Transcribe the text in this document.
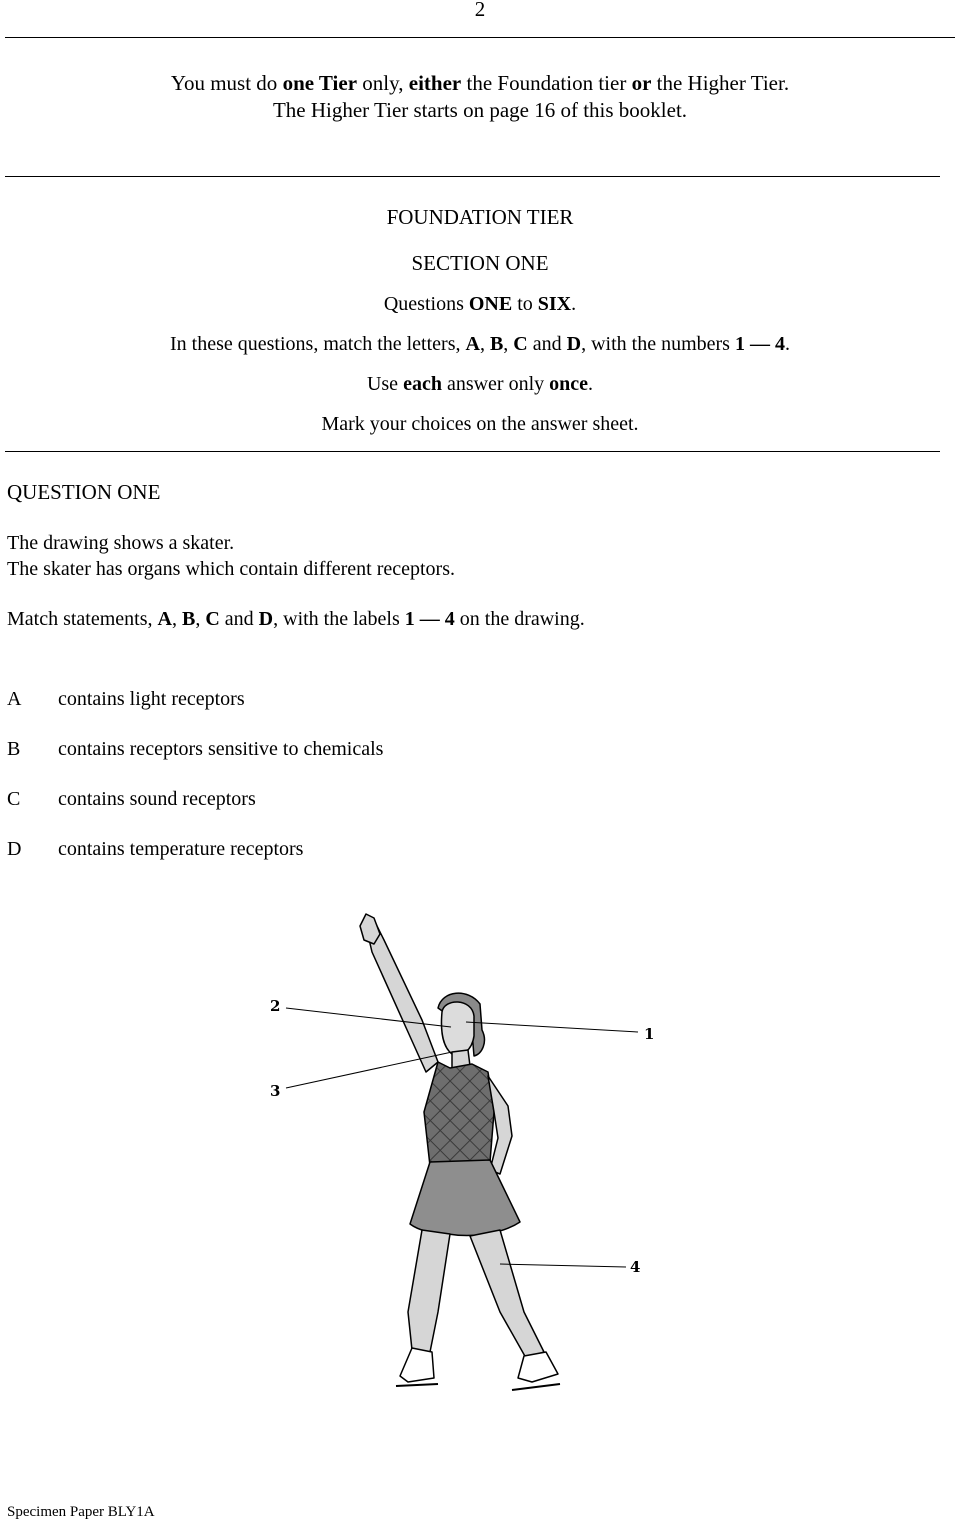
2
You must do one Tier only, either the Foundation tier or the Higher Tier.
The Higher Tier starts on page 16 of this booklet.
FOUNDATION TIER
SECTION ONE
Questions ONE to SIX.
In these questions, match the letters, A, B, C and D, with the numbers 1 — 4.
Use each answer only once.
Mark your choices on the answer sheet.
QUESTION ONE
The drawing shows a skater.
The skater has organs which contain different receptors.
Match statements, A, B, C and D, with the labels 1 — 4 on the drawing.
A contains light receptors
B contains receptors sensitive to chemicals
C contains sound receptors
D contains temperature receptors
1
2
3
4
Specimen Paper BLY1A
